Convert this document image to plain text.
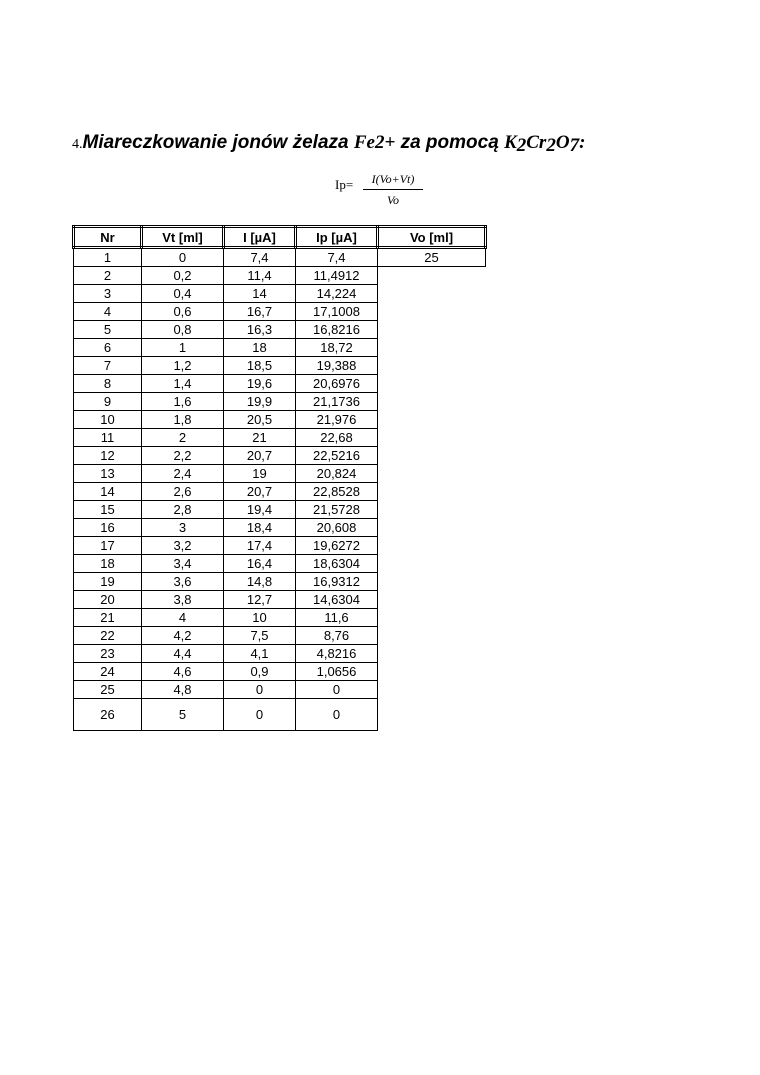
4.Miareczkowanie jonów żelaza Fe2+ za pomocą $K_2Cr_2O_7$:
$Ip= \frac{I(Vo+Vt)}{Vo}$
Nr	Vt [ml]	I [µA]	Ip [µA]	Vo [ml]
1	0	7,4	7,4	25
2	0,2	11,4	11,4912	
3	0,4	14	14,224	
4	0,6	16,7	17,1008	
5	0,8	16,3	16,8216	
6	1	18	18,72	
7	1,2	18,5	19,388	
8	1,4	19,6	20,6976	
9	1,6	19,9	21,1736	
10	1,8	20,5	21,976	
11	2	21	22,68	
12	2,2	20,7	22,5216	
13	2,4	19	20,824	
14	2,6	20,7	22,8528	
15	2,8	19,4	21,5728	
16	3	18,4	20,608	
17	3,2	17,4	19,6272	
18	3,4	16,4	18,6304	
19	3,6	14,8	16,9312	
20	3,8	12,7	14,6304	
21	4	10	11,6	
22	4,2	7,5	8,76	
23	4,4	4,1	4,8216	
24	4,6	0,9	1,0656	
25	4,8	0	0	
26	5	0	0	
